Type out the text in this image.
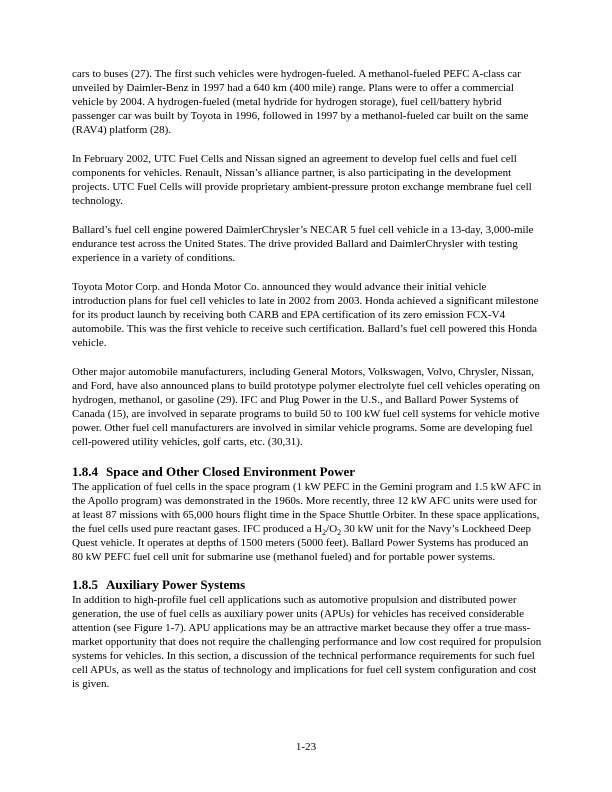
cars to buses (27). The first such vehicles were hydrogen-fueled. A methanol-fueled PEFC A-class car unveiled by Daimler-Benz in 1997 had a 640 km (400 mile) range. Plans were to offer a commercial vehicle by 2004. A hydrogen-fueled (metal hydride for hydrogen storage), fuel cell/battery hybrid passenger car was built by Toyota in 1996, followed in 1997 by a methanol-fueled car built on the same (RAV4) platform (28).

In February 2002, UTC Fuel Cells and Nissan signed an agreement to develop fuel cells and fuel cell components for vehicles. Renault, Nissan’s alliance partner, is also participating in the development projects. UTC Fuel Cells will provide proprietary ambient-pressure proton exchange membrane fuel cell technology.

Ballard’s fuel cell engine powered DaimlerChrysler’s NECAR 5 fuel cell vehicle in a 13-day, 3,000-mile endurance test across the United States. The drive provided Ballard and DaimlerChrysler with testing experience in a variety of conditions.

Toyota Motor Corp. and Honda Motor Co. announced they would advance their initial vehicle introduction plans for fuel cell vehicles to late in 2002 from 2003. Honda achieved a significant milestone for its product launch by receiving both CARB and EPA certification of its zero emission FCX-V4 automobile. This was the first vehicle to receive such certification. Ballard’s fuel cell powered this Honda vehicle.

Other major automobile manufacturers, including General Motors, Volkswagen, Volvo, Chrysler, Nissan, and Ford, have also announced plans to build prototype polymer electrolyte fuel cell vehicles operating on hydrogen, methanol, or gasoline (29). IFC and Plug Power in the U.S., and Ballard Power Systems of Canada (15), are involved in separate programs to build 50 to 100 kW fuel cell systems for vehicle motive power. Other fuel cell manufacturers are involved in similar vehicle programs. Some are developing fuel cell-powered utility vehicles, golf carts, etc. (30,31).

1.8.4 Space and Other Closed Environment Power

The application of fuel cells in the space program (1 kW PEFC in the Gemini program and 1.5 kW AFC in the Apollo program) was demonstrated in the 1960s. More recently, three 12 kW AFC units were used for at least 87 missions with 65,000 hours flight time in the Space Shuttle Orbiter. In these space applications, the fuel cells used pure reactant gases. IFC produced a $H_2/O_2$ 30 kW unit for the Navy’s Lockheed Deep Quest vehicle. It operates at depths of 1500 meters (5000 feet). Ballard Power Systems has produced an 80 kW PEFC fuel cell unit for submarine use (methanol fueled) and for portable power systems.

1.8.5 Auxiliary Power Systems

In addition to high-profile fuel cell applications such as automotive propulsion and distributed power generation, the use of fuel cells as auxiliary power units (APUs) for vehicles has received considerable attention (see Figure 1-7). APU applications may be an attractive market because they offer a true mass-market opportunity that does not require the challenging performance and low cost required for propulsion systems for vehicles. In this section, a discussion of the technical performance requirements for such fuel cell APUs, as well as the status of technology and implications for fuel cell system configuration and cost is given.

1-23
